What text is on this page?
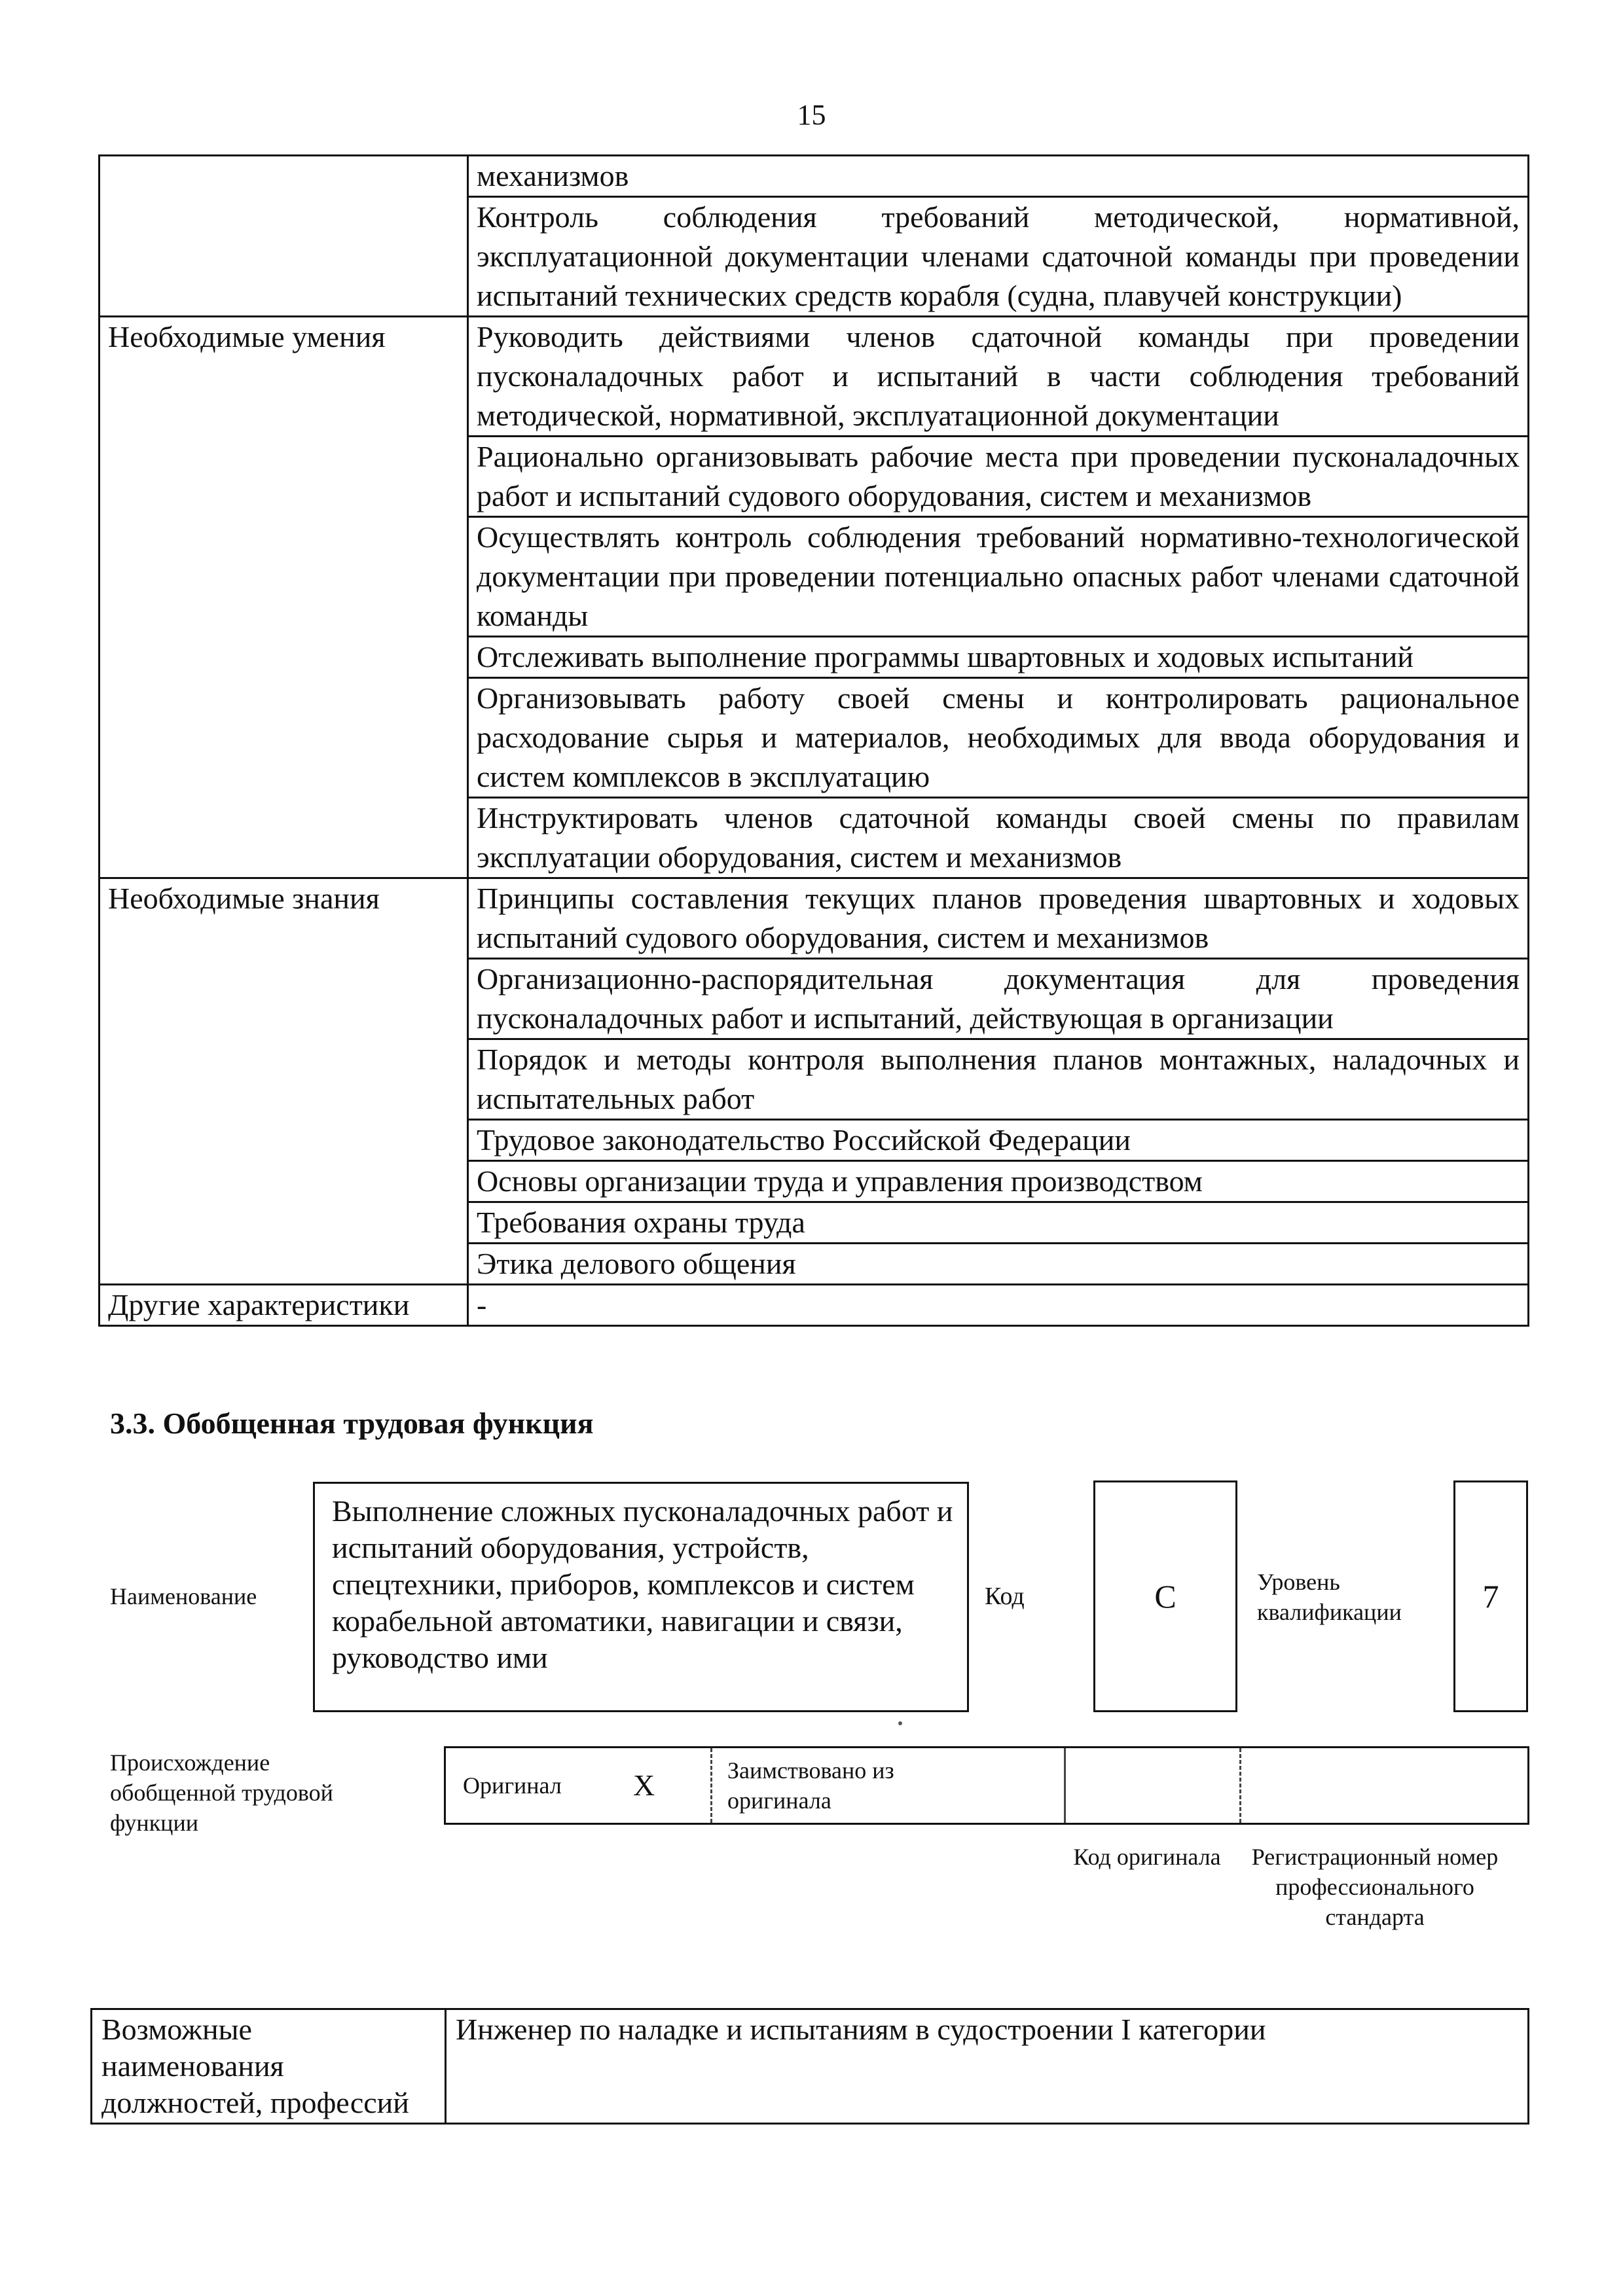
15
	механизмов
	Контроль соблюдения требований методической, нормативной, эксплуатационной документации членами сдаточной команды при проведении испытаний технических средств корабля (судна, плавучей конструкции)
Необходимые умения	Руководить действиями членов сдаточной команды при проведении пусконаладочных работ и испытаний в части соблюдения требований методической, нормативной, эксплуатационной документации
	Рационально организовывать рабочие места при проведении пусконаладочных работ и испытаний судового оборудования, систем и механизмов
	Осуществлять контроль соблюдения требований нормативно-технологической документации при проведении потенциально опасных работ членами сдаточной команды
	Отслеживать выполнение программы швартовных и ходовых испытаний
	Организовывать работу своей смены и контролировать рациональное расходование сырья и материалов, необходимых для ввода оборудования и систем комплексов в эксплуатацию
	Инструктировать членов сдаточной команды своей смены по правилам эксплуатации оборудования, систем и механизмов
Необходимые знания	Принципы составления текущих планов проведения швартовных и ходовых испытаний судового оборудования, систем и механизмов
	Организационно-распорядительная документация для проведения пусконаладочных работ и испытаний, действующая в организации
	Порядок и методы контроля выполнения планов монтажных, наладочных и испытательных работ
	Трудовое законодательство Российской Федерации
	Основы организации труда и управления производством
	Требования охраны труда
	Этика делового общения
Другие характеристики	-
3.3. Обобщенная трудовая функция
Наименование
Выполнение сложных пусконаладочных работ и испытаний оборудования, устройств, спецтехники, приборов, комплексов и систем корабельной автоматики, навигации и связи, руководство ими
Код	C	Уровень квалификации	7
Происхождение обобщенной трудовой функции
Оригинал X	Заимствовано из оригинала
Код оригинала	Регистрационный номер профессионального стандарта
Возможные наименования должностей, профессий	Инженер по наладке и испытаниям в судостроении I категории
